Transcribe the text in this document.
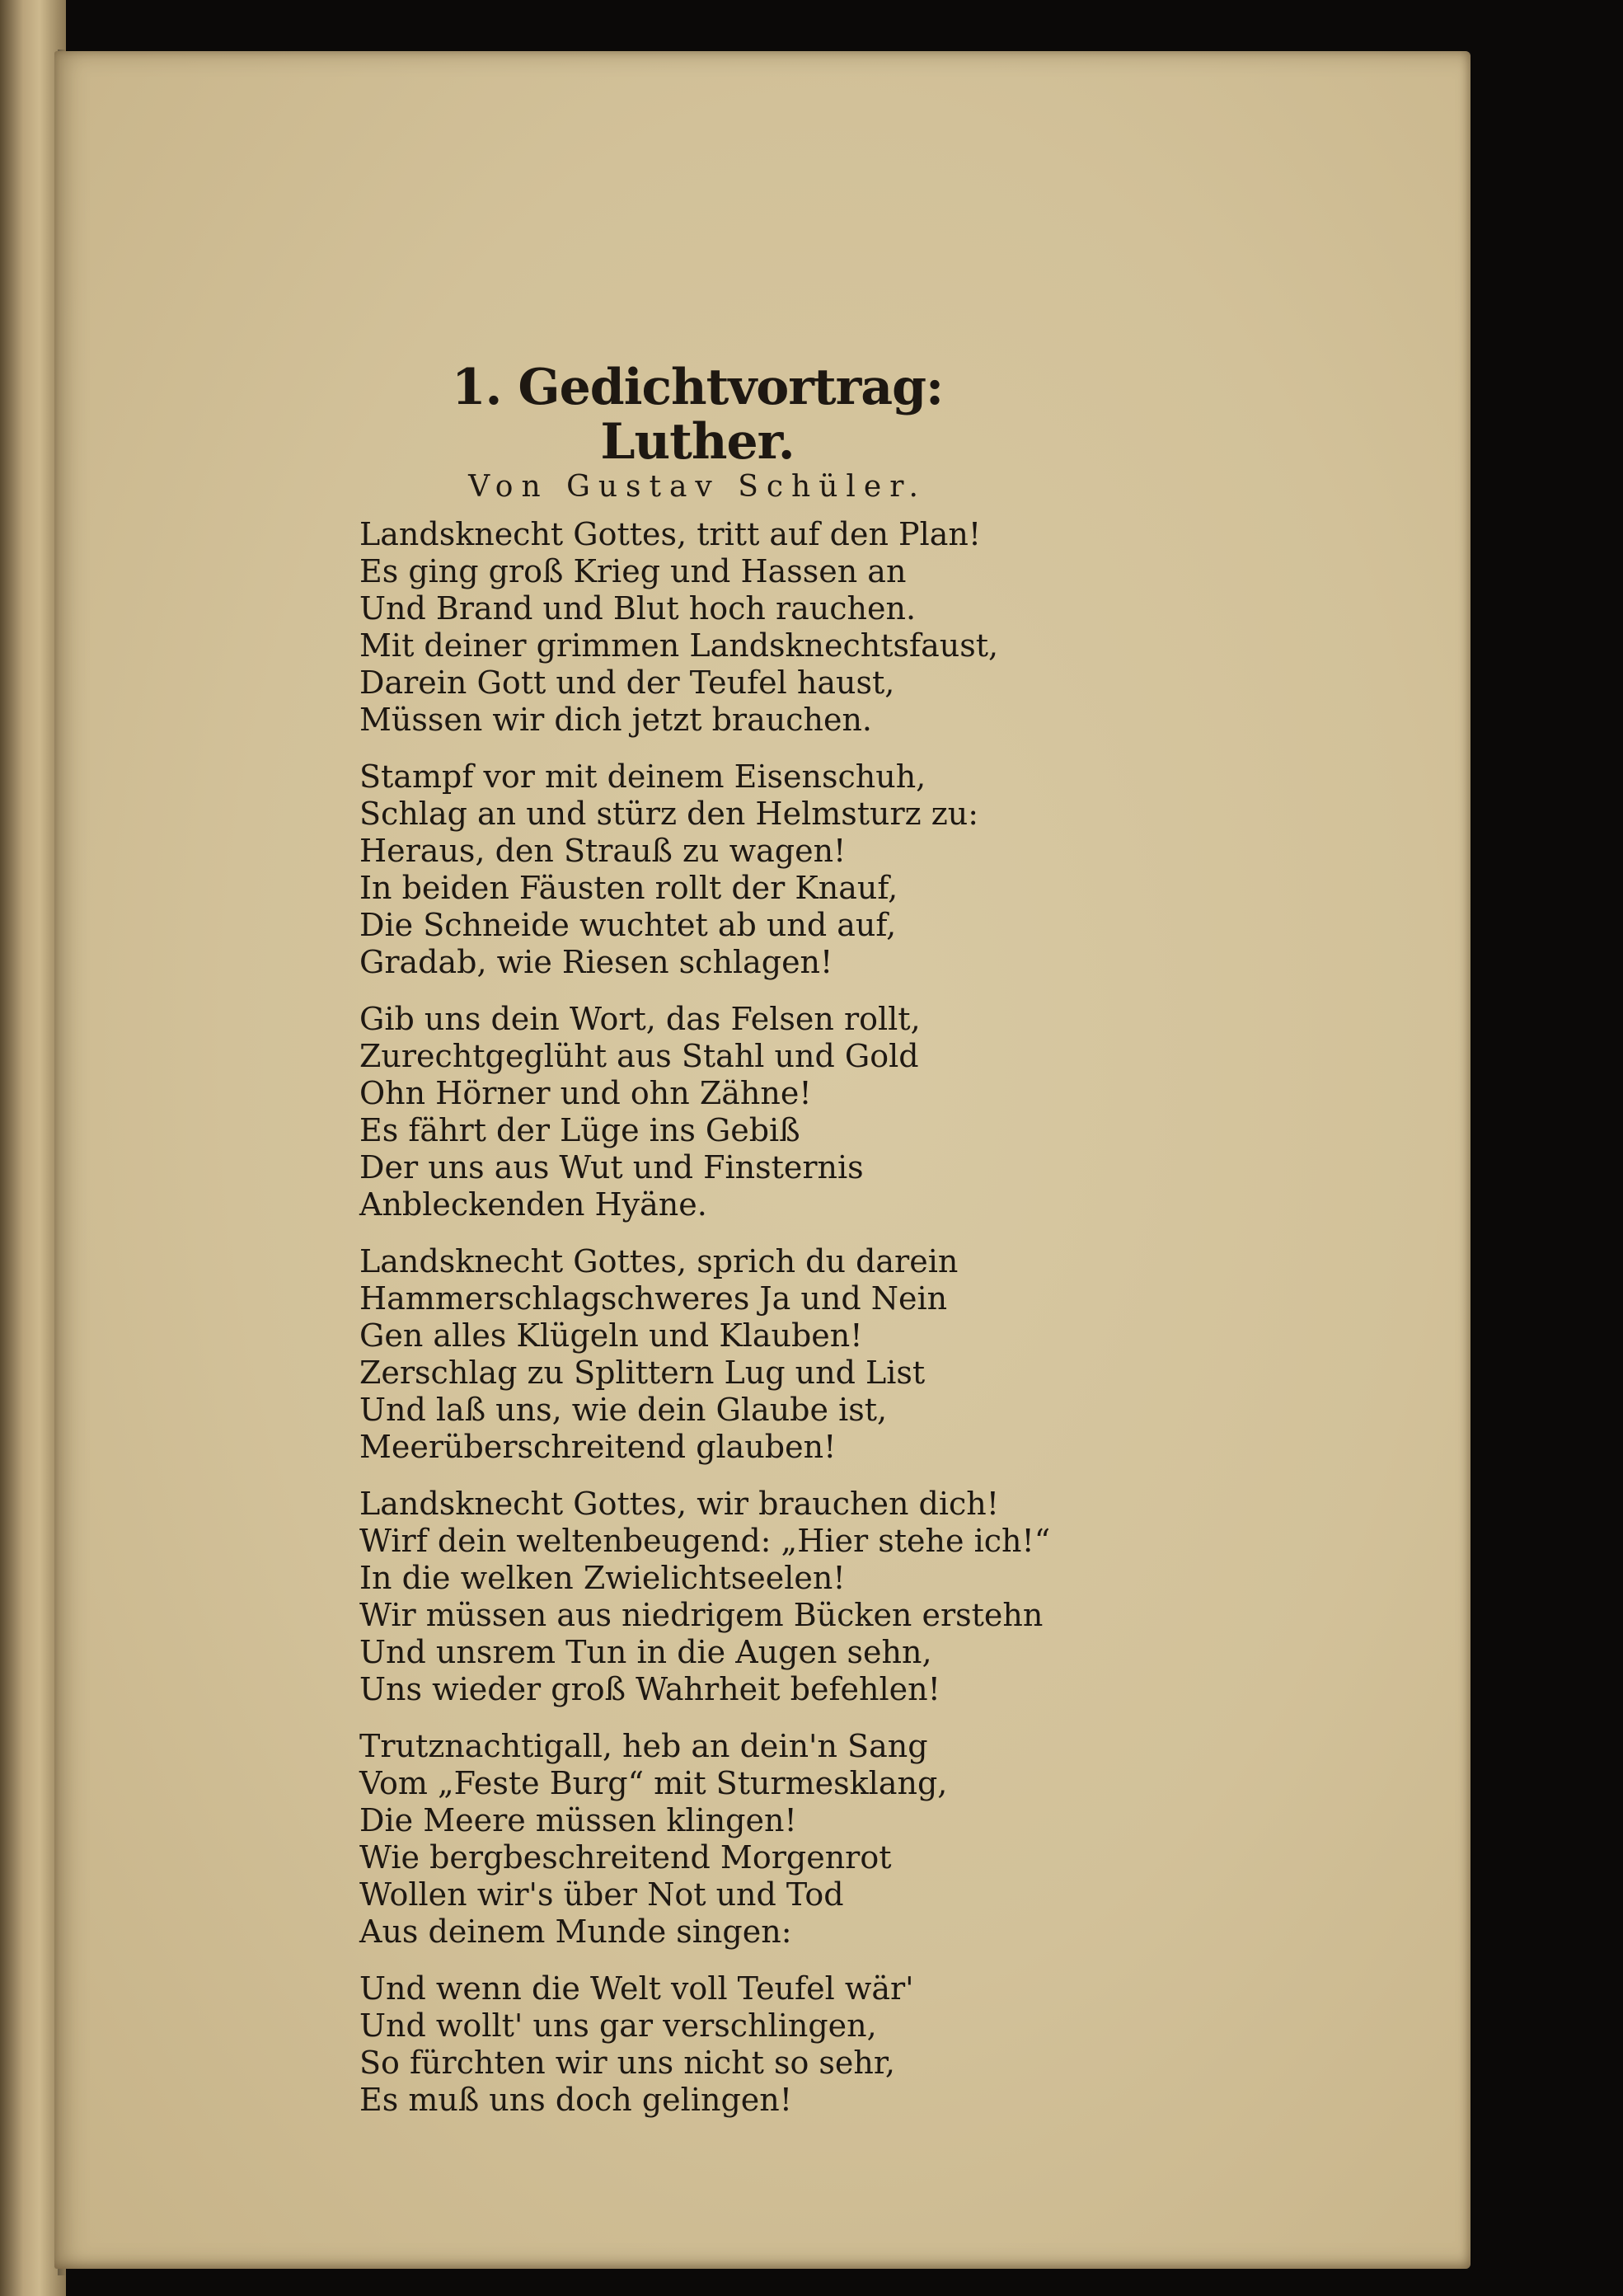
1. Gedichtvortrag: Luther.
Von Gustav Schüler.
Landsknecht Gottes, tritt auf den Plan!
Es ging groß Krieg und Hassen an
Und Brand und Blut hoch rauchen.
Mit deiner grimmen Landsknechtsfaust,
Darein Gott und der Teufel haust,
Müssen wir dich jetzt brauchen.
Stampf vor mit deinem Eisenschuh,
Schlag an und stürz den Helmsturz zu:
Heraus, den Strauß zu wagen!
In beiden Fäusten rollt der Knauf,
Die Schneide wuchtet ab und auf,
Gradab, wie Riesen schlagen!
Gib uns dein Wort, das Felsen rollt,
Zurechtgeglüht aus Stahl und Gold
Ohn Hörner und ohn Zähne!
Es fährt der Lüge ins Gebiß
Der uns aus Wut und Finsternis
Anbleckenden Hyäne.
Landsknecht Gottes, sprich du darein
Hammerschlagschweres Ja und Nein
Gen alles Klügeln und Klauben!
Zerschlag zu Splittern Lug und List
Und laß uns, wie dein Glaube ist,
Meerüberschreitend glauben!
Landsknecht Gottes, wir brauchen dich!
Wirf dein weltenbeugend: „Hier stehe ich!“
In die welken Zwielichtseelen!
Wir müssen aus niedrigem Bücken erstehn
Und unsrem Tun in die Augen sehn,
Uns wieder groß Wahrheit befehlen!
Trutznachtigall, heb an dein'n Sang
Vom „Feste Burg“ mit Sturmesklang,
Die Meere müssen klingen!
Wie bergbeschreitend Morgenrot
Wollen wir's über Not und Tod
Aus deinem Munde singen:
Und wenn die Welt voll Teufel wär'
Und wollt' uns gar verschlingen,
So fürchten wir uns nicht so sehr,
Es muß uns doch gelingen!
